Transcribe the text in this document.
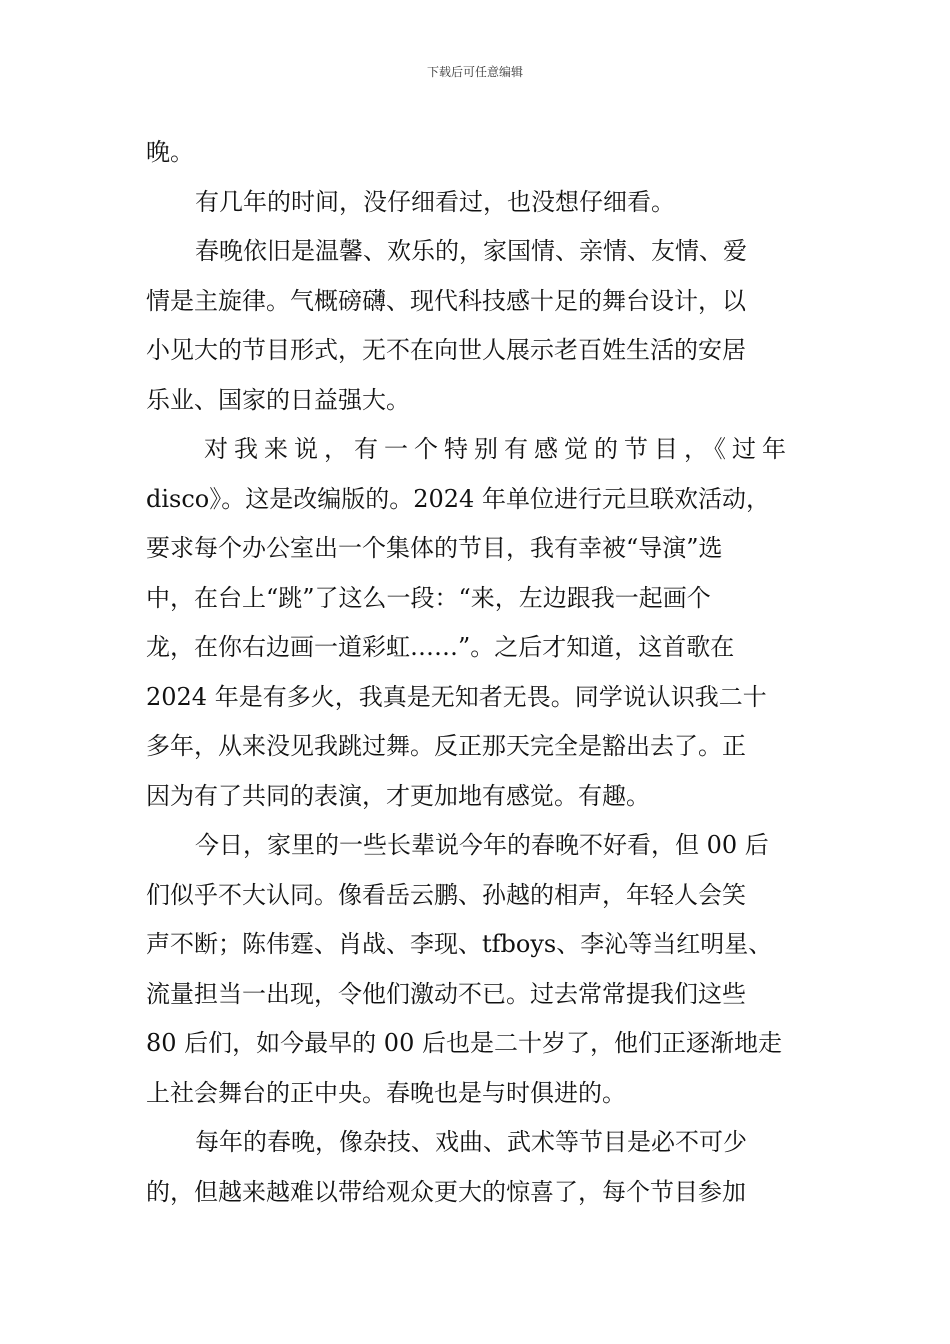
下载后可任意编辑
晚。
有几年的时间，没仔细看过，也没想仔细看。
春晚依旧是温馨、欢乐的，家国情、亲情、友情、爱
情是主旋律。气概磅礴、现代科技感十足的舞台设计，以
小见大的节目形式，无不在向世人展示老百姓生活的安居
乐业、国家的日益强大。
对我来说，有一个特别有感觉的节目，《过年
disco》。这是改编版的。2024 年单位进行元旦联欢活动，
要求每个办公室出一个集体的节目，我有幸被“导演”选
中，在台上“跳”了这么一段：“来，左边跟我一起画个
龙，在你右边画一道彩虹……”。之后才知道，这首歌在
2024 年是有多火，我真是无知者无畏。同学说认识我二十
多年，从来没见我跳过舞。反正那天完全是豁出去了。正
因为有了共同的表演，才更加地有感觉。有趣。
今日，家里的一些长辈说今年的春晚不好看，但 00 后
们似乎不大认同。像看岳云鹏、孙越的相声，年轻人会笑
声不断；陈伟霆、肖战、李现、tfboys、李沁等当红明星、
流量担当一出现，令他们激动不已。过去常常提我们这些
80 后们，如今最早的 00 后也是二十岁了，他们正逐渐地走
上社会舞台的正中央。春晚也是与时俱进的。
每年的春晚，像杂技、戏曲、武术等节目是必不可少
的，但越来越难以带给观众更大的惊喜了，每个节目参加
